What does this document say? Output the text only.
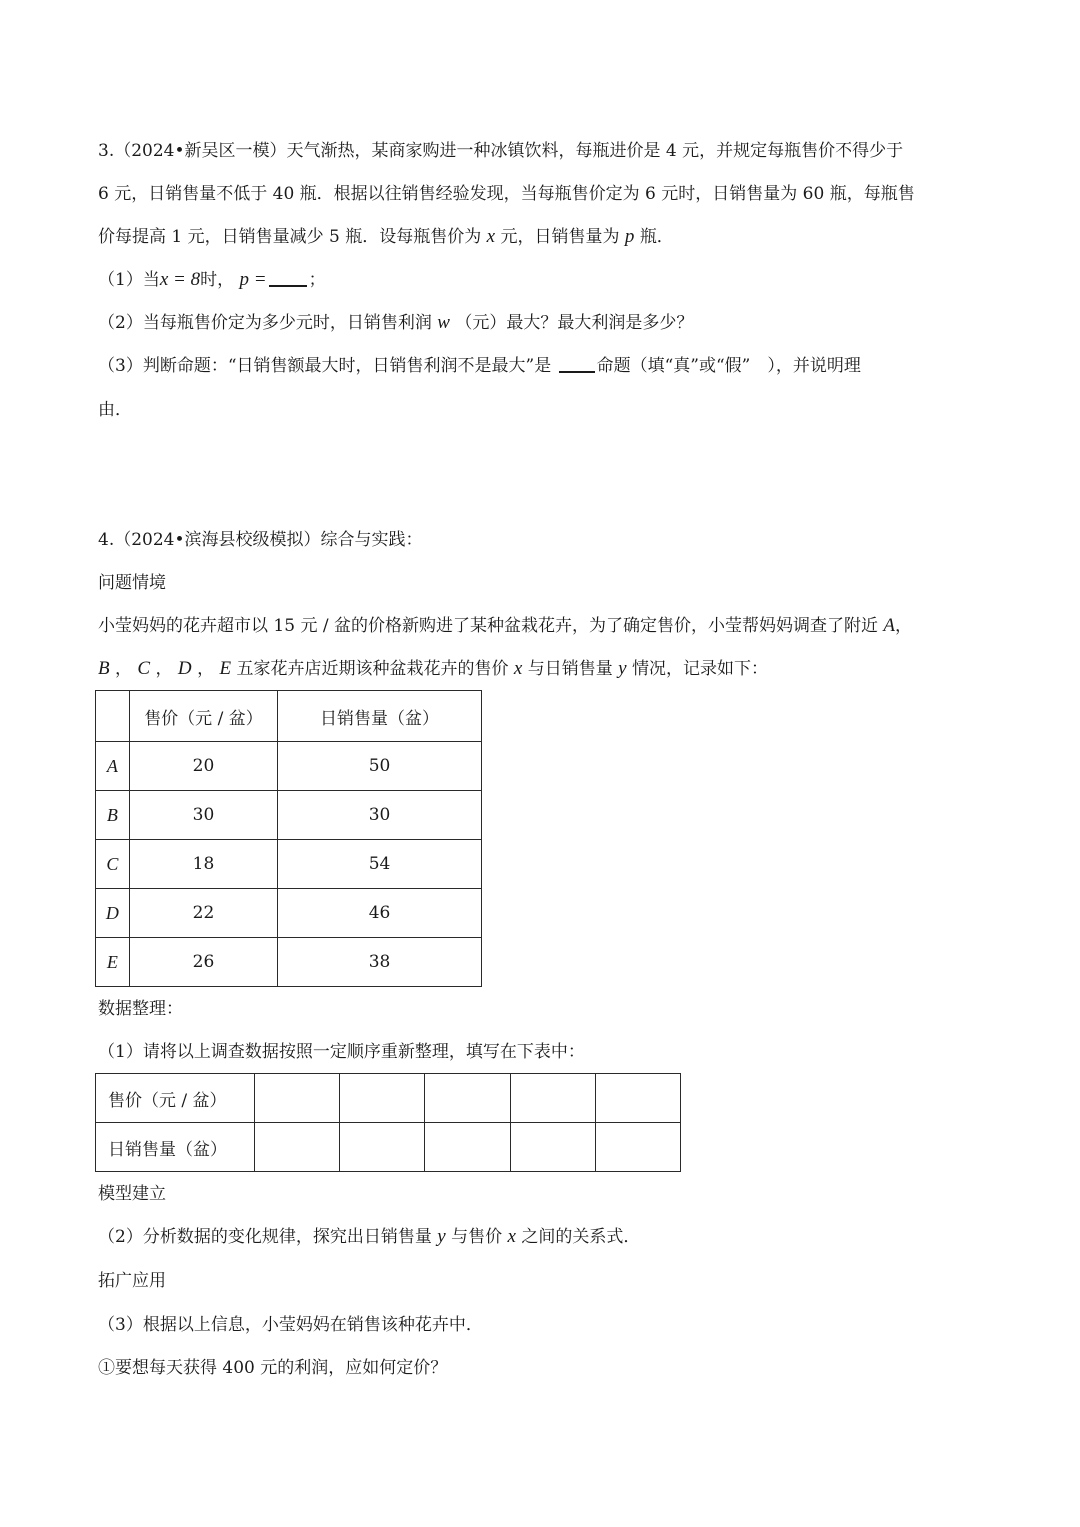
3.（2024•新吴区一模）天气渐热，某商家购进一种冰镇饮料，每瓶进价是 4 元，并规定每瓶售价不得少于
6 元，日销售量不低于 40 瓶．根据以往销售经验发现，当每瓶售价定为 6 元时，日销售量为 60 瓶，每瓶售
价每提高 1 元，日销售量减少 5 瓶．设每瓶售价为 x 元，日销售量为 p 瓶．
（1）当x = 8时， p = ；
（2）当每瓶售价定为多少元时，日销售利润 w （元）最大？最大利润是多少？
（3）判断命题：“日销售额最大时，日销售利润不是最大”是	命题（填“真”或“假”　），并说明理
由．
4.（2024•滨海县校级模拟）综合与实践：
问题情境
小莹妈妈的花卉超市以 15 元 / 盆的价格新购进了某种盆栽花卉，为了确定售价，小莹帮妈妈调查了附近 A，
B ， C ， D ， E 五家花卉店近期该种盆栽花卉的售价 x 与日销售量 y 情况，记录如下：
	售价（元 / 盆）	日销售量（盆）
A	20	50
B	30	30
C	18	54
D	22	46
E	26	38
数据整理：
（1）请将以上调查数据按照一定顺序重新整理，填写在下表中：
售价（元 / 盆）					
日销售量（盆）					
模型建立
（2）分析数据的变化规律，探究出日销售量 y 与售价 x 之间的关系式．
拓广应用
（3）根据以上信息，小莹妈妈在销售该种花卉中．
①要想每天获得 400 元的利润，应如何定价？
